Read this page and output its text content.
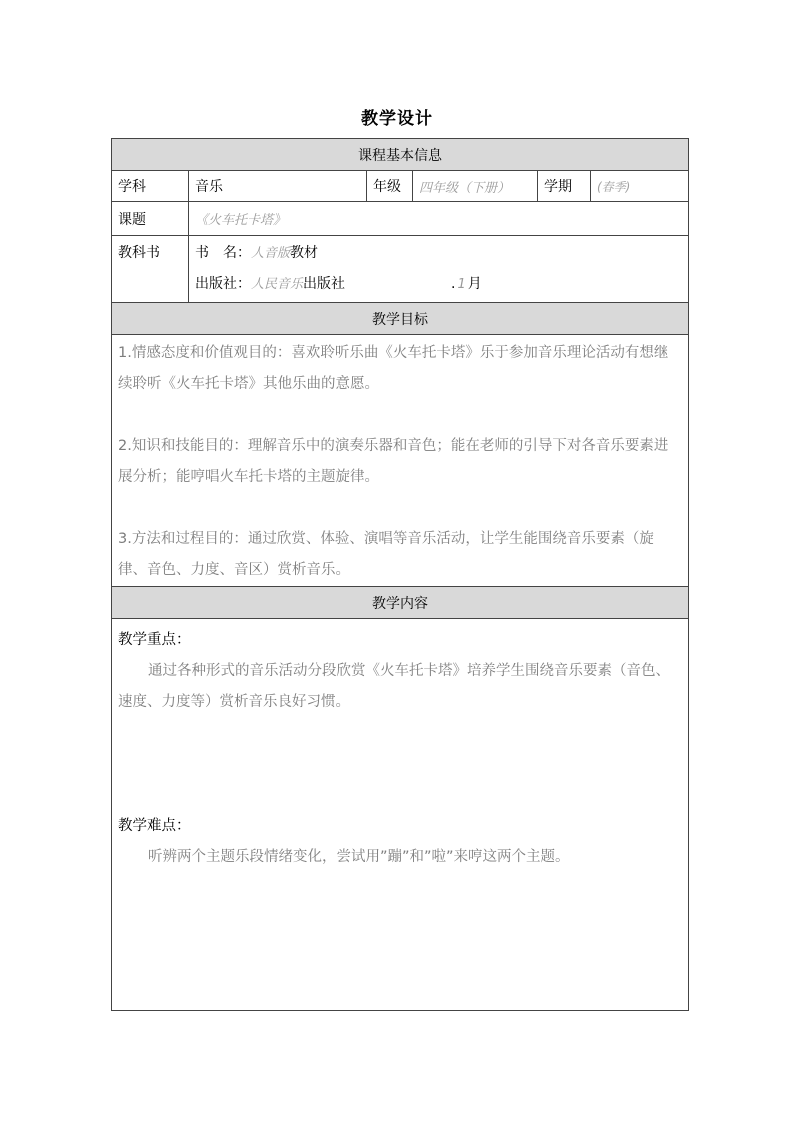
教学设计
课程基本信息					
学科	音乐	年级	四年级（下册）	学期	(春季)
课题	《火车托卡塔》				
教科书	书　名：人音版教材
出版社：人民音乐出版社 . 1 月				

教学目标					

1.情感态度和价值观目的：喜欢聆听乐曲《火车托卡塔》乐于参加音乐理论活动有想继续聆听《火车托卡塔》其他乐曲的意愿。

2.知识和技能目的：理解音乐中的演奏乐器和音色；能在老师的引导下对各音乐要素进展分析；能哼唱火车托卡塔的主题旋律。

3.方法和过程目的：通过欣赏、体验、演唱等音乐活动，让学生能围绕音乐要素（旋律、音色、力度、音区）赏析音乐。					

教学内容					

教学重点：

通过各种形式的音乐活动分段欣赏《火车托卡塔》培养学生围绕音乐要素（音色、速度、力度等）赏析音乐良好习惯。

教学难点：

听辨两个主题乐段情绪变化，尝试用”蹦”和”啦”来哼这两个主题。					
